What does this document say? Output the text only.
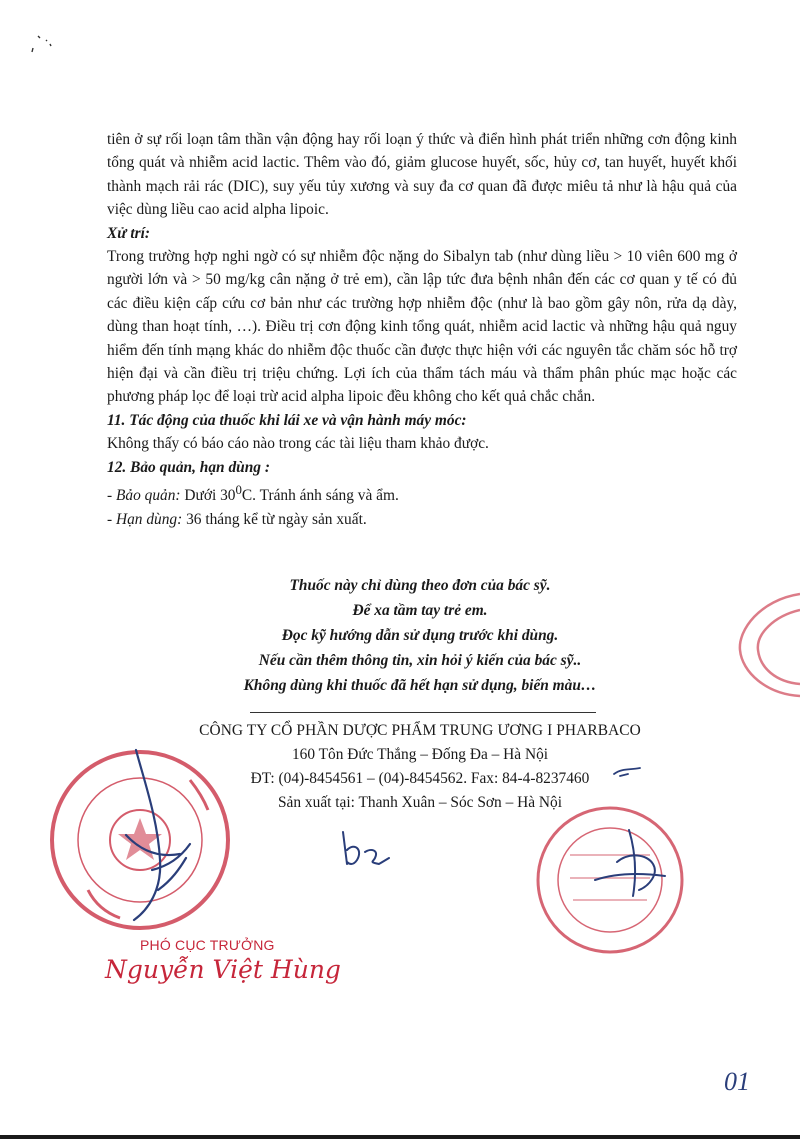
tiên ở sự rối loạn tâm thần vận động hay rối loạn ý thức và điển hình phát triển những cơn động kinh tổng quát và nhiễm acid lactic. Thêm vào đó, giảm glucose huyết, sốc, hủy cơ, tan huyết, huyết khối thành mạch rải rác (DIC), suy yếu tủy xương và suy đa cơ quan đã được miêu tả như là hậu quả của việc dùng liều cao acid alpha lipoic.

Xử trí:

Trong trường hợp nghi ngờ có sự nhiễm độc nặng do Sibalyn tab (như dùng liều > 10 viên 600 mg ở người lớn và > 50 mg/kg cân nặng ở trẻ em), cần lập tức đưa bệnh nhân đến các cơ quan y tế có đủ các điều kiện cấp cứu cơ bản như các trường hợp nhiễm độc (như là bao gồm gây nôn, rửa dạ dày, dùng than hoạt tính, …). Điều trị cơn động kinh tổng quát, nhiễm acid lactic và những hậu quả nguy hiểm đến tính mạng khác do nhiễm độc thuốc cần được thực hiện với các nguyên tắc chăm sóc hỗ trợ hiện đại và cần điều trị triệu chứng. Lợi ích của thẩm tách máu và thẩm phân phúc mạc hoặc các phương pháp lọc để loại trừ acid alpha lipoic đều không cho kết quả chắc chắn.

11. Tác động của thuốc khi lái xe và vận hành máy móc:

Không thấy có báo cáo nào trong các tài liệu tham khảo được.

12. Bảo quản, hạn dùng :

- Bảo quản: Dưới $30^0C$. Tránh ánh sáng và ẩm.

- Hạn dùng: 36 tháng kể từ ngày sản xuất.

Thuốc này chỉ dùng theo đơn của bác sỹ.

Để xa tầm tay trẻ em.

Đọc kỹ hướng dẫn sử dụng trước khi dùng.

Nếu cần thêm thông tin, xin hỏi ý kiến của bác sỹ..

Không dùng khi thuốc đã hết hạn sử dụng, biến màu…

CÔNG TY CỔ PHẦN DƯỢC PHẨM TRUNG ƯƠNG I PHARBACO

160 Tôn Đức Thắng – Đống Đa – Hà Nội

ĐT: (04)-8454561 – (04)-8454562. Fax: 84-4-8237460

Sản xuất tại: Thanh Xuân – Sóc Sơn – Hà Nội

PHÓ CỤC TRƯỞNG
Nguyễn Việt Hùng
01
